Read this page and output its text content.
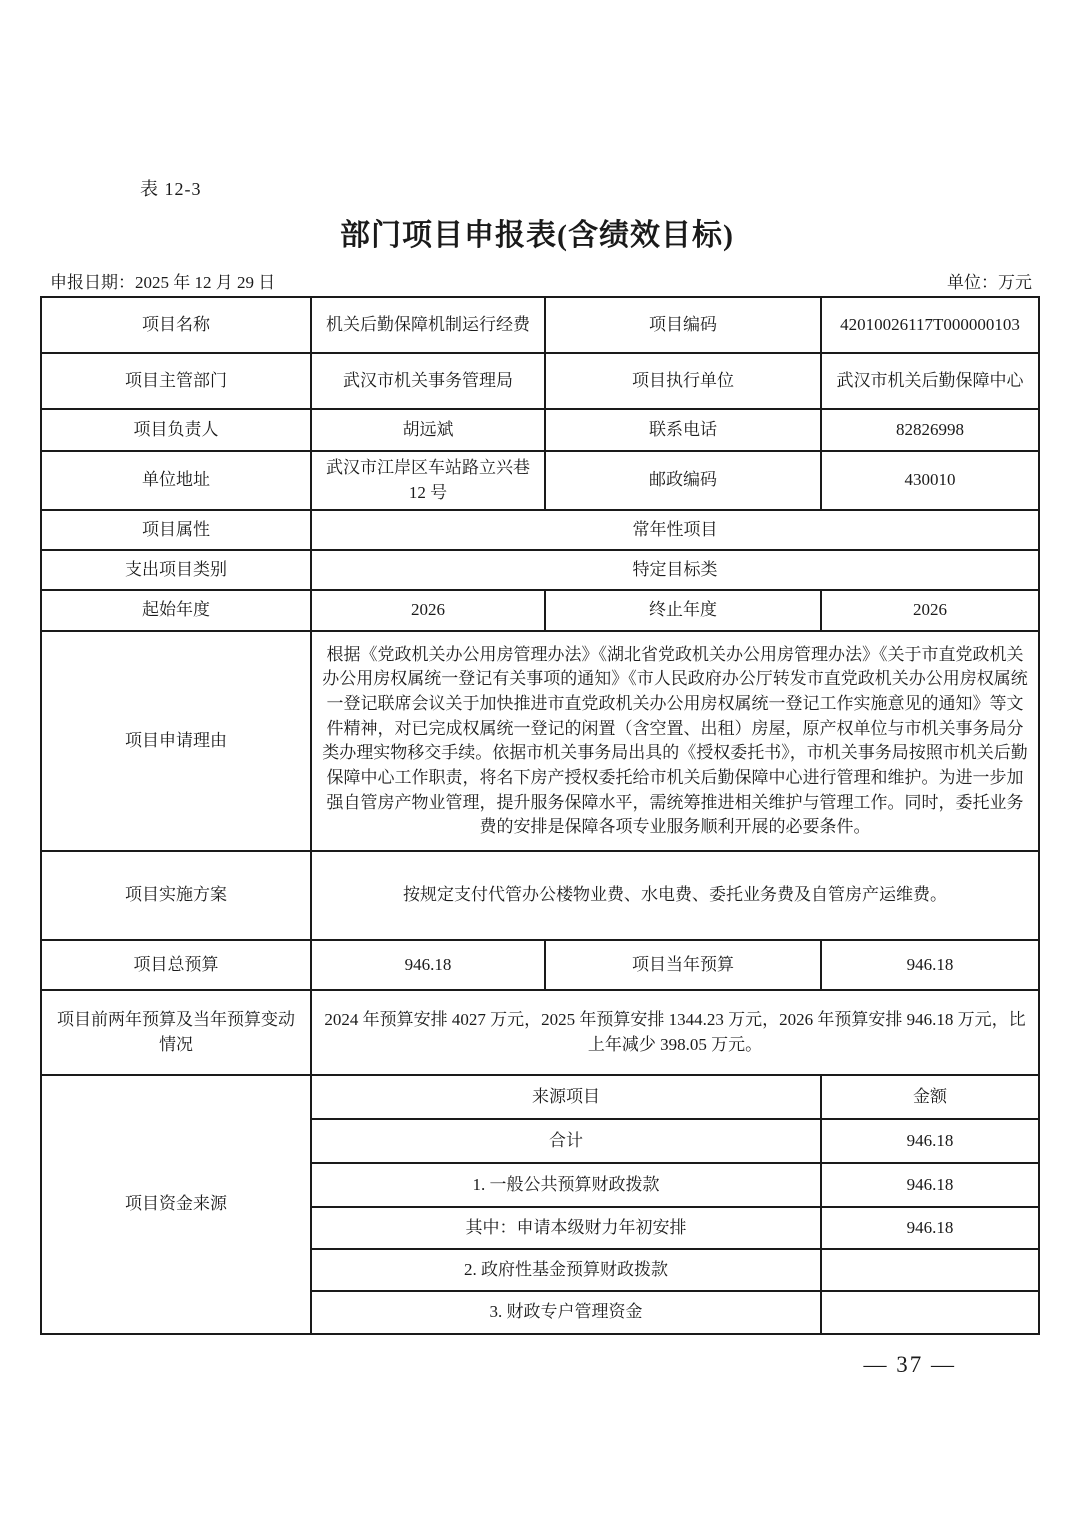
表 12-3
部门项目申报表(含绩效目标)
申报日期：2025 年 12 月 29 日	单位：万元
项目名称	机关后勤保障机制运行经费	项目编码	42010026117T000000103
项目主管部门	武汉市机关事务管理局	项目执行单位	武汉市机关后勤保障中心
项目负责人	胡远斌	联系电话	82826998
单位地址	武汉市江岸区车站路立兴巷 12 号	邮政编码	430010
项目属性	常年性项目		
支出项目类别	特定目标类		
起始年度	2026	终止年度	2026
项目申请理由	根据《党政机关办公用房管理办法》《湖北省党政机关办公用房管理办法》《关于市直党政机关办公用房权属统一登记有关事项的通知》《市人民政府办公厅转发市直党政机关办公用房权属统一登记联席会议关于加快推进市直党政机关办公用房权属统一登记工作实施意见的通知》等文件精神，对已完成权属统一登记的闲置（含空置、出租）房屋，原产权单位与市机关事务局分类办理实物移交手续。依据市机关事务局出具的《授权委托书》，市机关事务局按照市机关后勤保障中心工作职责，将名下房产授权委托给市机关后勤保障中心进行管理和维护。为进一步加强自管房产物业管理，提升服务保障水平，需统筹推进相关维护与管理工作。同时，委托业务费的安排是保障各项专业服务顺利开展的必要条件。		
项目实施方案	按规定支付代管办公楼物业费、水电费、委托业务费及自管房产运维费。		
项目总预算	946.18	项目当年预算	946.18
项目前两年预算及当年预算变动情况	2024 年预算安排 4027 万元，2025 年预算安排 1344.23 万元，2026 年预算安排 946.18 万元，比上年减少 398.05 万元。		
项目资金来源	来源项目		金额
	合计		946.18
	1. 一般公共预算财政拨款		946.18
	其中：申请本级财力年初安排		946.18
	2. 政府性基金预算财政拨款		
	3. 财政专户管理资金		
— 37 —
